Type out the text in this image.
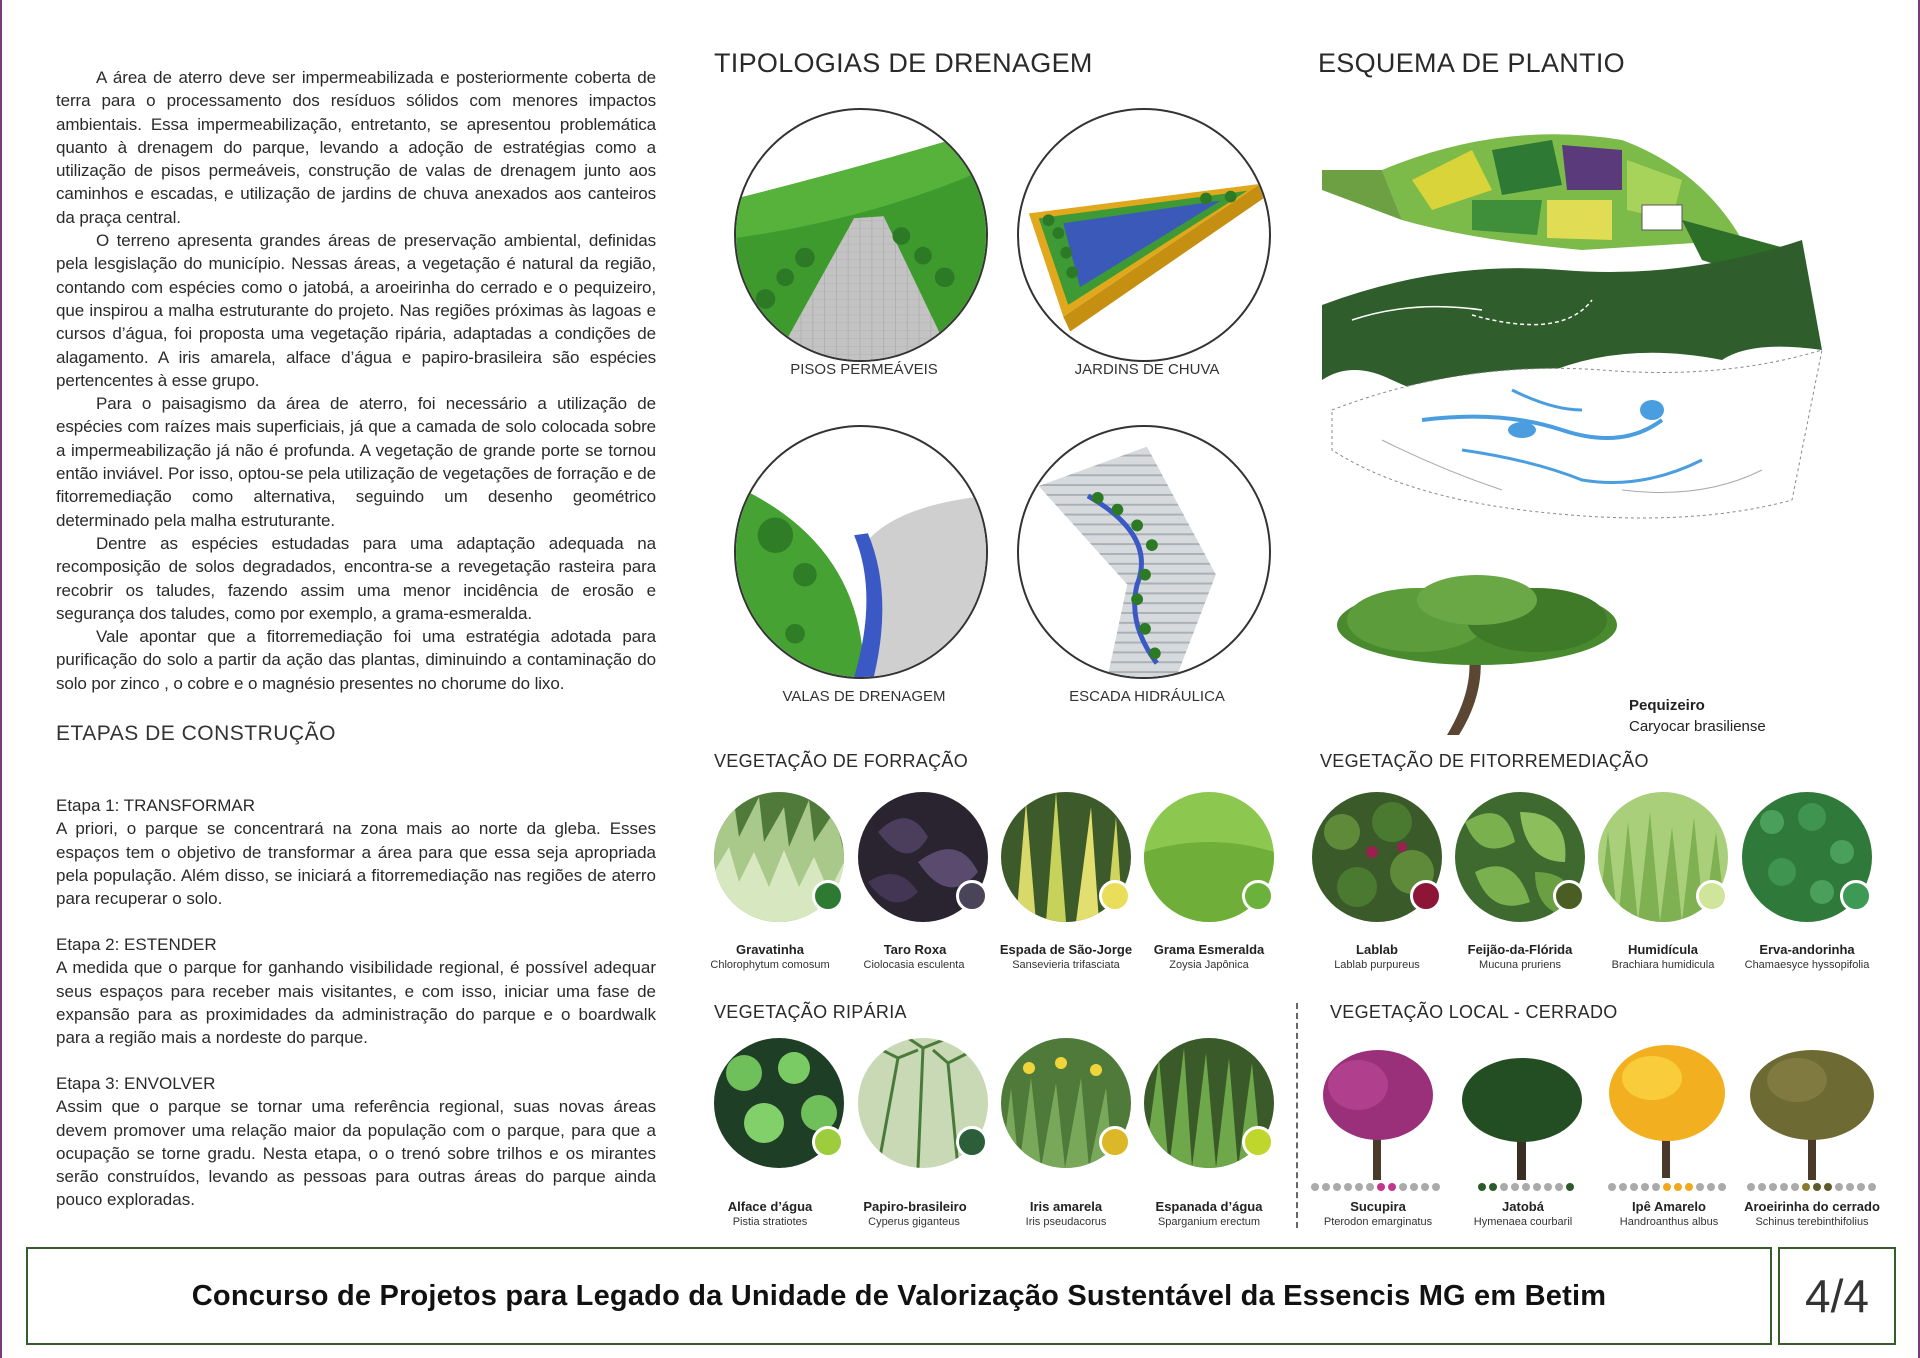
A área de aterro deve ser impermeabilizada e posteriormente coberta de terra para o processamento dos resíduos sólidos com menores impactos ambientais. Essa impermeabilização, entretanto, se apresentou problemática quanto à drenagem do parque, levando a adoção de estratégias como a utilização de pisos permeáveis, construção de valas de drenagem junto aos caminhos e escadas, e utilização de jardins de chuva anexados aos canteiros da praça central.

O terreno apresenta grandes áreas de preservação ambiental, definidas pela lesgislação do município. Nessas áreas, a vegetação é natural da região, contando com espécies como o jatobá, a aroeirinha do cerrado e o pequizeiro, que inspirou a malha estruturante do projeto. Nas regiões próximas às lagoas e cursos d’água, foi proposta uma vegetação ripária, adaptadas a condições de alagamento. A iris amarela, alface d’água e papiro-brasileira são espécies pertencentes à esse grupo.

Para o paisagismo da área de aterro, foi necessário a utilização de espécies com raízes mais superficiais, já que a camada de solo colocada sobre a impermeabilização já não é profunda. A vegetação de grande porte se tornou então inviável. Por isso, optou-se pela utilização de vegetações de forração e de fitorremediação como alternativa, seguindo um desenho geométrico determinado pela malha estruturante.

Dentre as espécies estudadas para uma adaptação adequada na recomposição de solos degradados, encontra-se a revegetação rasteira para recobrir os taludes, fazendo assim uma menor incidência de erosão e segurança dos taludes, como por exemplo, a grama-esmeralda.

Vale apontar que a fitorremediação foi uma estratégia adotada para purificação do solo a partir da ação das plantas, diminuindo a contaminação do solo por zinco , o cobre e o magnésio presentes no chorume do lixo.

ETAPAS DE CONSTRUÇÃO
Etapa 1: TRANSFORMAR
A priori, o parque se concentrará na zona mais ao norte da gleba. Esses espaços tem o objetivo de transformar a área para que essa seja apropriada pela população. Além disso, se iniciará a fitorremediação nas regiões de aterro para recuperar o solo.
Etapa 2: ESTENDER
A medida que o parque for ganhando visibilidade regional, é possível adequar seus espaços para receber mais visitantes, e com isso, iniciar uma fase de expansão para as proximidades da administração do parque e o boardwalk para a região mais a nordeste do parque.
Etapa 3: ENVOLVER
Assim que o parque se tornar uma referência regional, suas novas áreas devem promover uma relação maior da população com o parque, para que a ocupação se torne gradu. Nesta etapa, o o trenó sobre trilhos e os mirantes serão construídos, levando as pessoas para outras áreas do parque ainda pouco exploradas.
TIPOLOGIAS DE DRENAGEM	ESQUEMA DE PLANTIO
PISOS PERMEÁVEIS	JARDINS DE CHUVA
VALAS DE DRENAGEM	ESCADA HIDRÁULICA
Pequizeiro
Caryocar brasiliense
VEGETAÇÃO DE FORRAÇÃO	VEGETAÇÃO DE FITORREMEDIAÇÃO
VEGETAÇÃO RIPÁRIA	VEGETAÇÃO LOCAL - CERRADO
Gravatinha
Chlorophytum comosum
Taro Roxa
Ciolocasia esculenta
Espada de São-Jorge
Sansevieria trifasciata
Grama Esmeralda
Zoysia Japônica
Lablab
Lablab purpureus
Feijão-da-Flórida
Mucuna pruriens
Humidícula
Brachiara humidicula
Erva-andorinha
Chamaesyce hyssopifolia
Alface d’água
Pistia stratiotes
Papiro-brasileiro
Cyperus giganteus
Iris amarela
Iris pseudacorus
Espanada d’água
Sparganium erectum
Sucupira
Pterodon emarginatus
Jatobá
Hymenaea courbaril
Ipê Amarelo
Handroanthus albus
Aroeirinha do cerrado
Schinus terebinthifolius
Concurso de Projetos para Legado da Unidade de Valorização Sustentável da Essencis MG em Betim	4/4
